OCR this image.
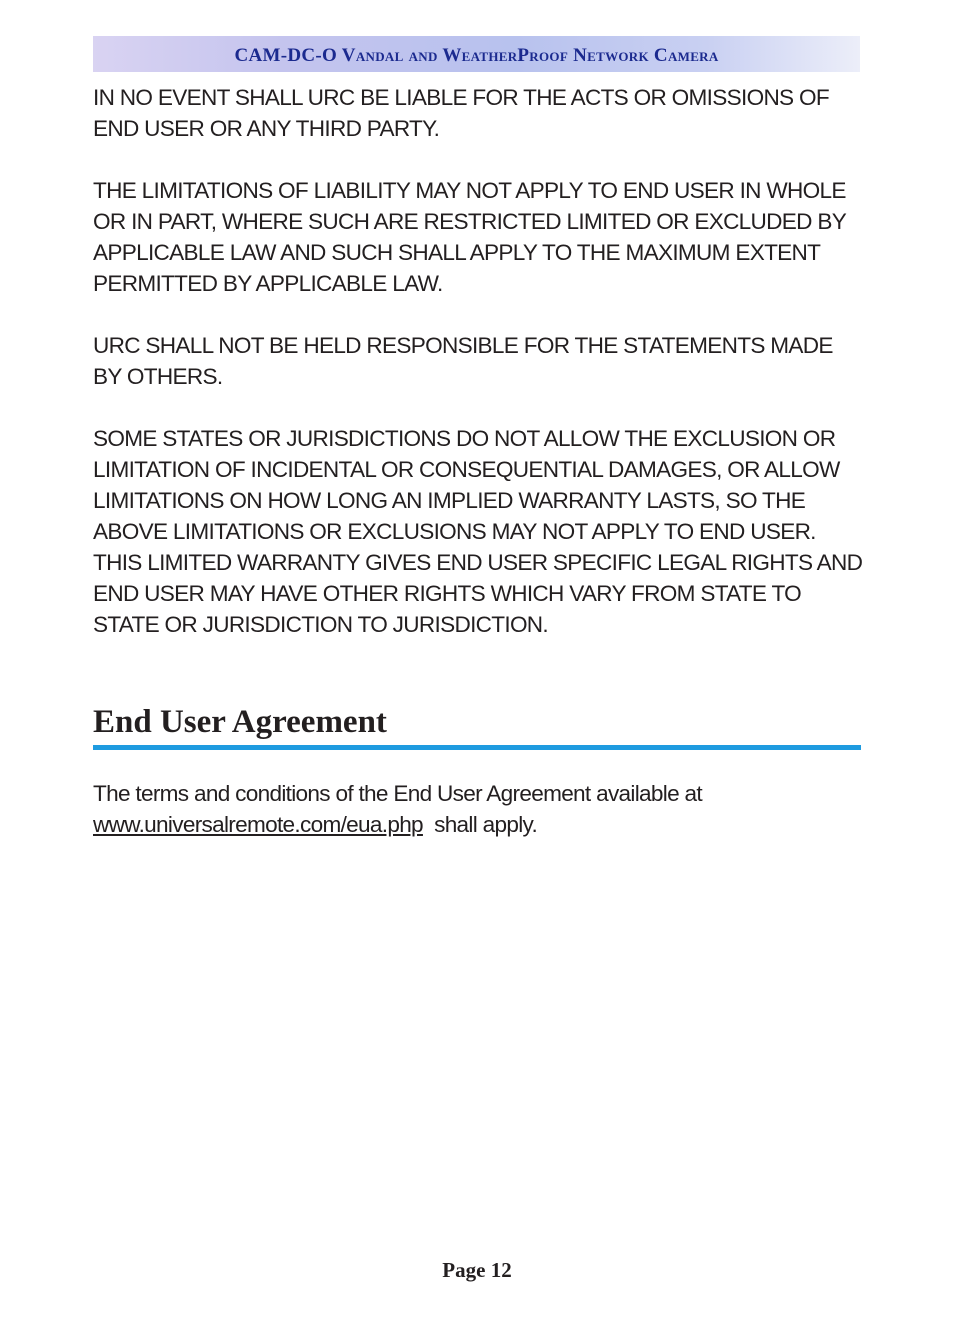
CAM-DC-O Vandal and WeatherProof Network Camera

IN NO EVENT SHALL URC BE LIABLE FOR THE ACTS OR OMISSIONS OF END USER OR ANY THIRD PARTY.

THE LIMITATIONS OF LIABILITY MAY NOT APPLY TO END USER IN WHOLE OR IN PART, WHERE SUCH ARE RESTRICTED LIMITED OR EXCLUDED BY APPLICABLE LAW AND SUCH SHALL APPLY TO THE MAXIMUM EXTENT PERMITTED BY APPLICABLE LAW.

URC SHALL NOT BE HELD RESPONSIBLE FOR THE STATEMENTS MADE BY OTHERS.

SOME STATES OR JURISDICTIONS DO NOT ALLOW THE EXCLUSION OR LIMITATION OF INCIDENTAL OR CONSEQUENTIAL DAMAGES, OR ALLOW LIMITATIONS ON HOW LONG AN IMPLIED WARRANTY LASTS, SO THE ABOVE LIMITATIONS OR EXCLUSIONS MAY NOT APPLY TO END USER. THIS LIMITED WARRANTY GIVES END USER SPECIFIC LEGAL RIGHTS AND END USER MAY HAVE OTHER RIGHTS WHICH VARY FROM STATE TO STATE OR JURISDICTION TO JURISDICTION.

End User Agreement
The terms and conditions of the End User Agreement available at
www.universalremote.com/eua.php shall apply.
Page 12
